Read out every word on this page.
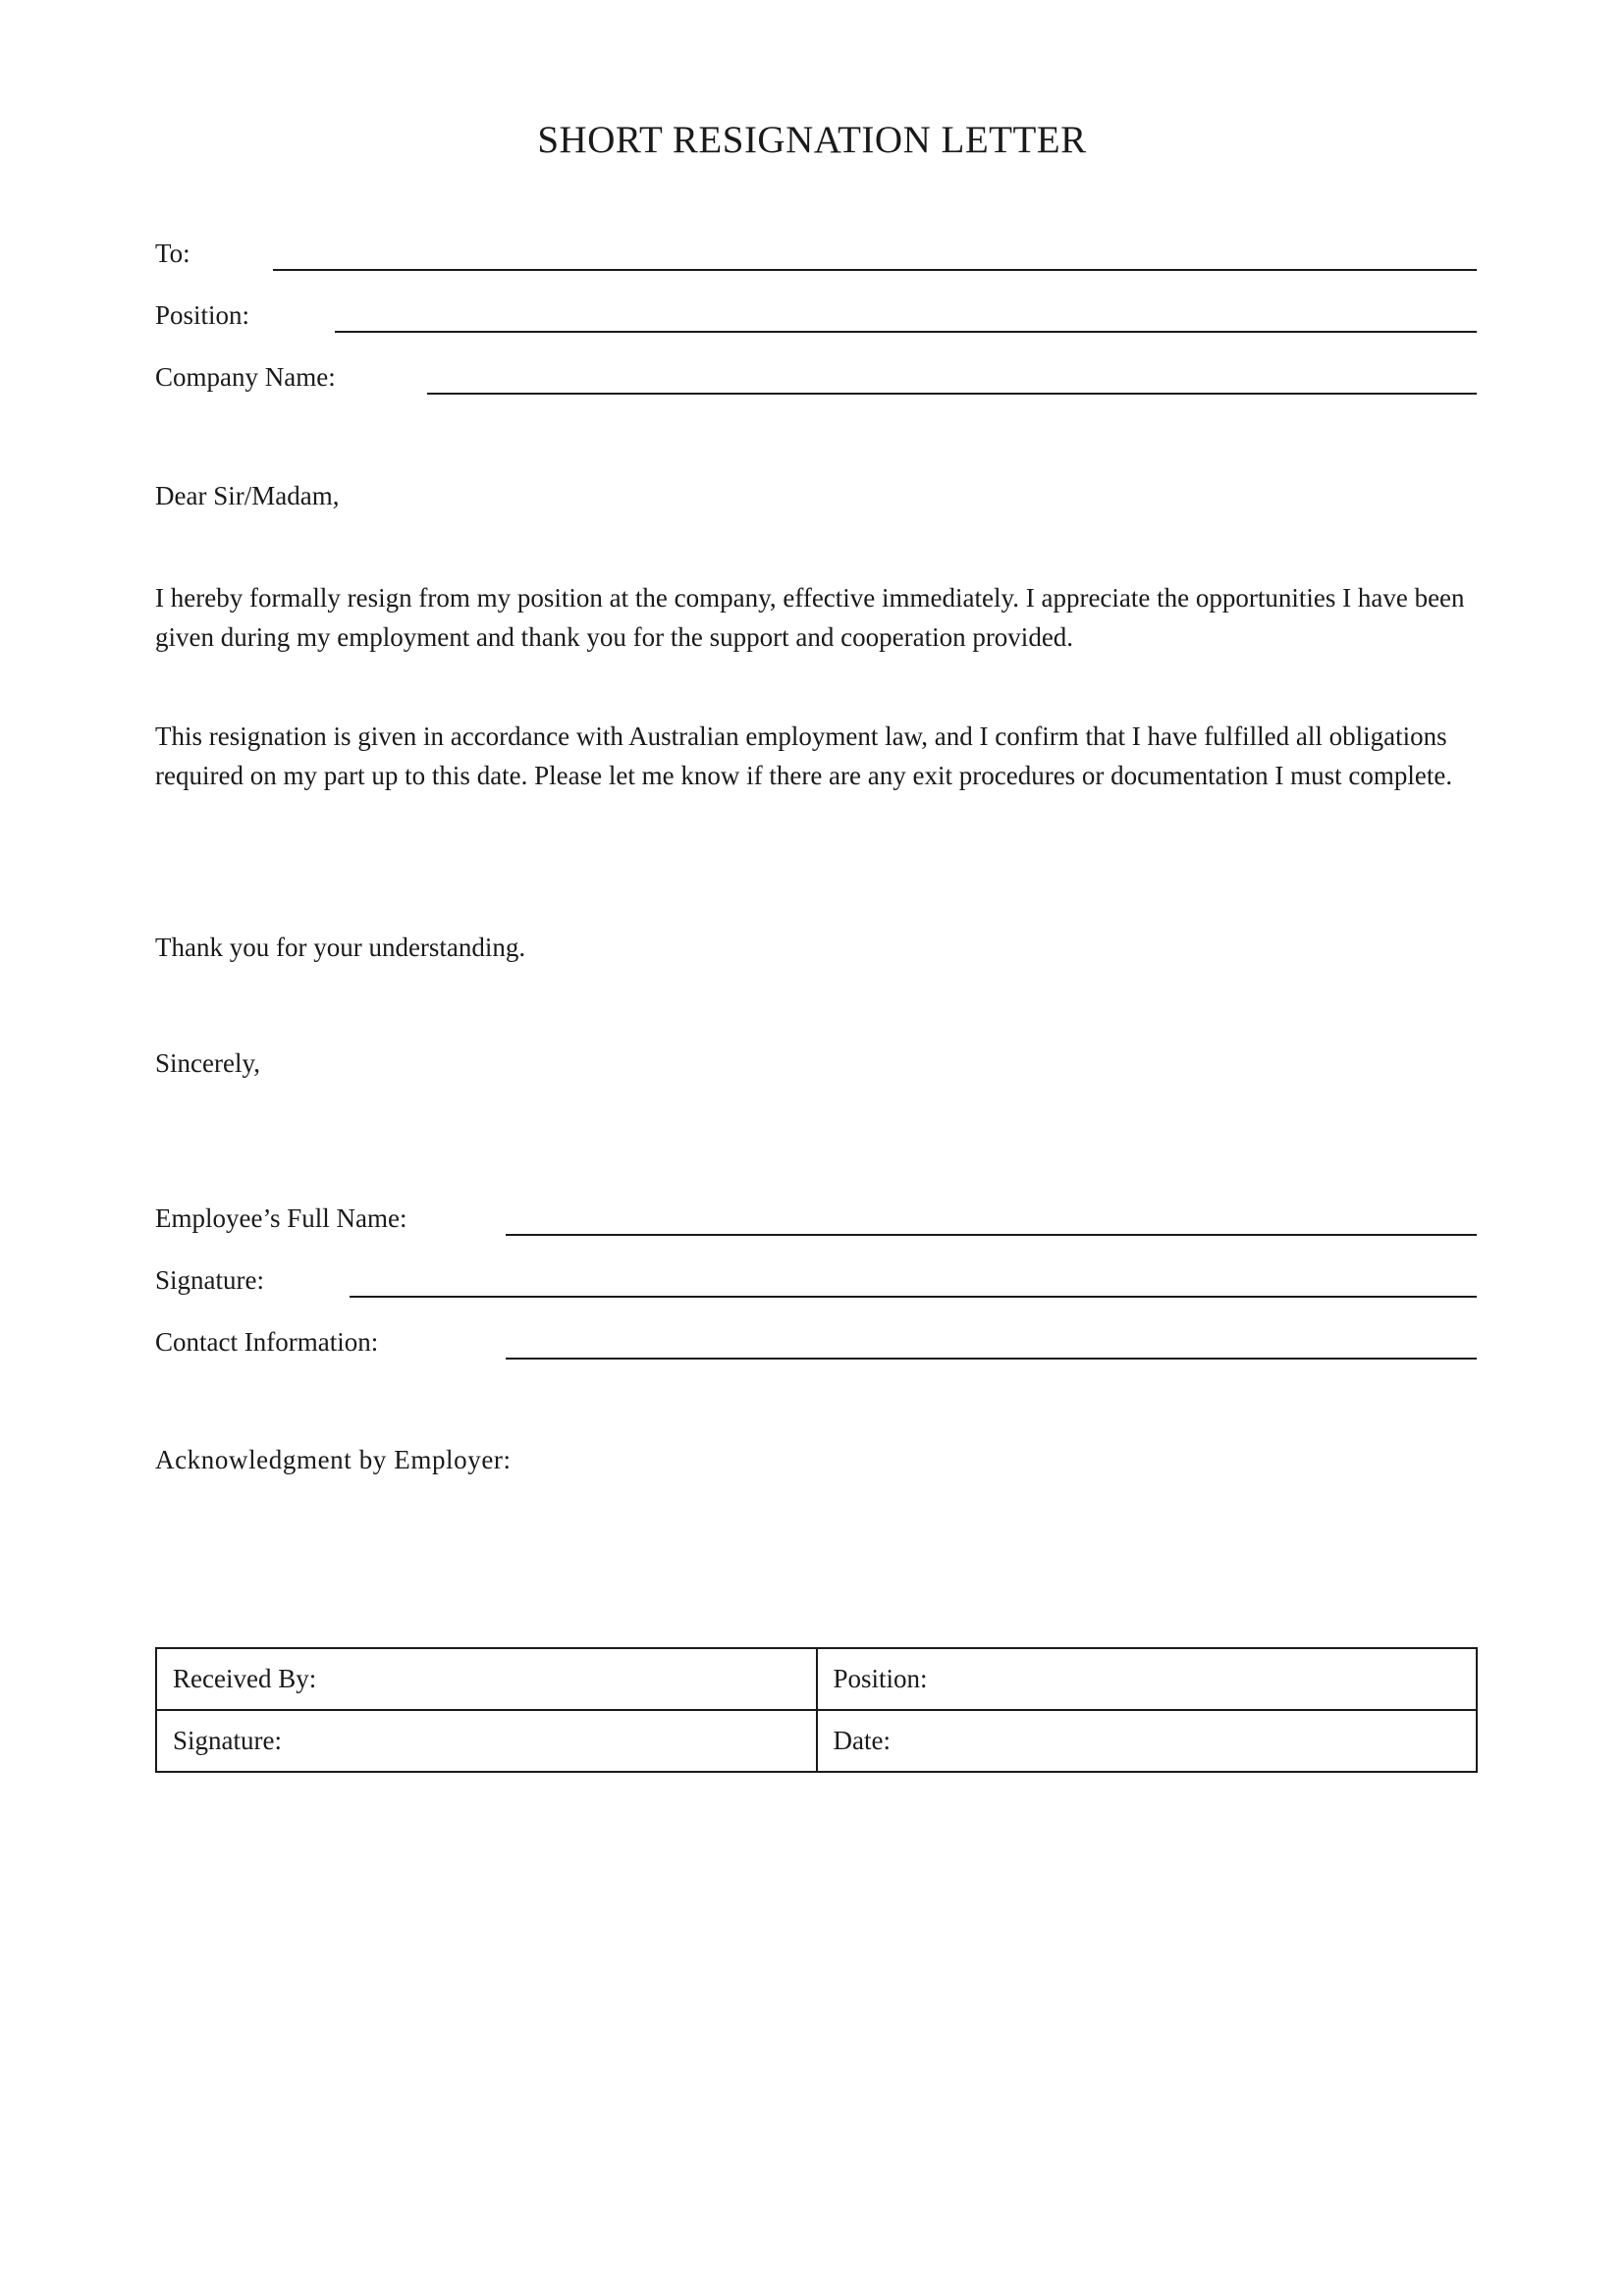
SHORT RESIGNATION LETTER
To:
Position:
Company Name:

Dear Sir/Madam,

I hereby formally resign from my position at the company, effective immediately. I appreciate the opportunities I have been given during my employment and thank you for the support and cooperation provided.

This resignation is given in accordance with Australian employment law, and I confirm that I have fulfilled all obligations required on my part up to this date. Please let me know if there are any exit procedures or documentation I must complete.

Thank you for your understanding.

Sincerely,

Employee’s Full Name:
Signature:
Contact Information:

Acknowledgment by Employer:

Received By:	Position:
Signature:	Date:
